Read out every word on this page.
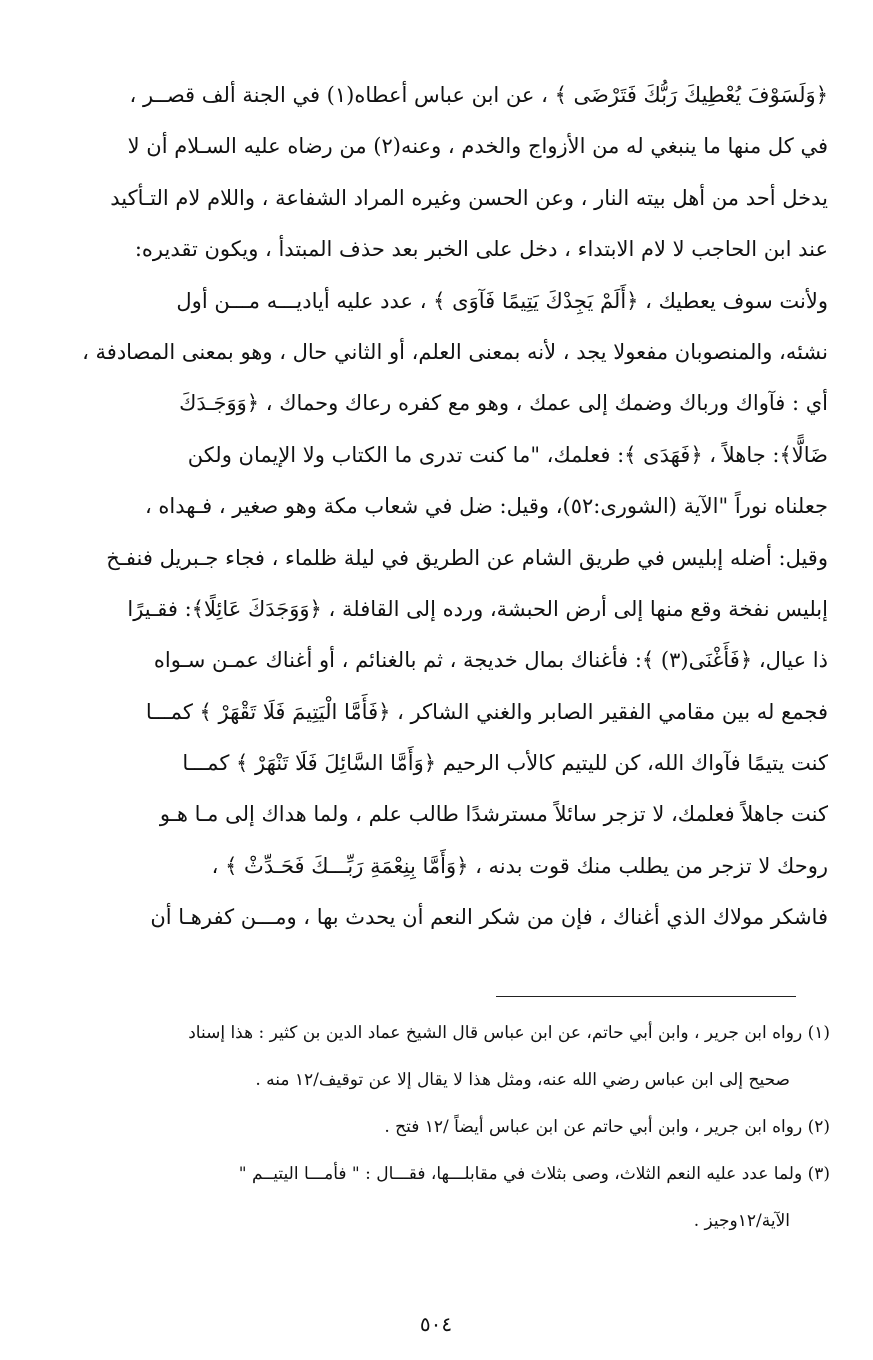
﴿وَلَسَوْفَ يُعْطِيكَ رَبُّكَ فَتَرْضَى ﴾ ، عن ابن عباس أعطاه(١) في الجنة ألف قصــر ،
في كل منها ما ينبغي له من الأزواج والخدم ، وعنه(٢) من رضاه عليه السـلام أن لا
يدخل أحد من أهل بيته النار ، وعن الحسن وغيره المراد الشفاعة ، واللام لام التـأكيد
عند ابن الحاجب لا لام الابتداء ، دخل على الخبر بعد حذف المبتدأ ، ويكون تقديره:
ولأنت سوف يعطيك ، ﴿أَلَمْ يَجِدْكَ يَتِيمًا فَآوَى ﴾ ، عدد عليه أياديـــه مـــن أول
نشئه، والمنصوبان مفعولا يجد ، لأنه بمعنى العلم، أو الثاني حال ، وهو بمعنى المصادفة ،
أي : فآواك ورباك وضمك إلى عمك ، وهو مع كفره رعاك وحماك ، ﴿وَوَجَـدَكَ
ضَالًّا﴾: جاهلاً ، ﴿فَهَدَى ﴾: فعلمك، "ما كنت تدرى ما الكتاب ولا الإيمان ولكن
جعلناه نوراً "الآية (الشورى:٥٢)، وقيل: ضل في شعاب مكة وهو صغير ، فـهداه ،
وقيل: أضله إبليس في طريق الشام عن الطريق في ليلة ظلماء ، فجاء جـبريل فنفـخ
إبليس نفخة وقع منها إلى أرض الحبشة، ورده إلى القافلة ، ﴿وَوَجَدَكَ عَائِلًا﴾: فقـيرًا
ذا عيال، ﴿فَأَغْنَى(٣) ﴾: فأغناك بمال خديجة ، ثم بالغنائم ، أو أغناك عمـن سـواه
فجمع له بين مقامي الفقير الصابر والغني الشاكر ، ﴿فَأَمَّا الْيَتِيمَ فَلَا تَقْهَرْ ﴾ كمـــا
كنت يتيمًا فآواك الله، كن لليتيم كالأب الرحيم ﴿وَأَمَّا السَّائِلَ فَلَا تَنْهَرْ ﴾ كمـــا
كنت جاهلاً فعلمك، لا تزجر سائلاً مسترشدًا طالب علم ، ولما هداك إلى مـا هـو
روحك لا تزجر من يطلب منك قوت بدنه ، ﴿وَأَمَّا بِنِعْمَةِ رَبِّـــكَ فَحَـدِّثْ ﴾ ،
فاشكر مولاك الذي أغناك ، فإن من شكر النعم أن يحدث بها ، ومـــن كفرهـا أن
(١) رواه ابن جرير ، وابن أبي حاتم، عن ابن عباس قال الشيخ عماد الدين بن كثير : هذا إسناد
صحيح إلى ابن عباس رضي الله عنه، ومثل هذا لا يقال إلا عن توقيف/١٢ منه .
(٢) رواه ابن جرير ، وابن أبي حاتم عن ابن عباس أيضاً /١٢ فتح .
(٣) ولما عدد عليه النعم الثلاث، وصى بثلاث في مقابلـــها، فقـــال : " فأمـــا اليتيــم "
الآية/١٢وجيز .
٥٠٤
